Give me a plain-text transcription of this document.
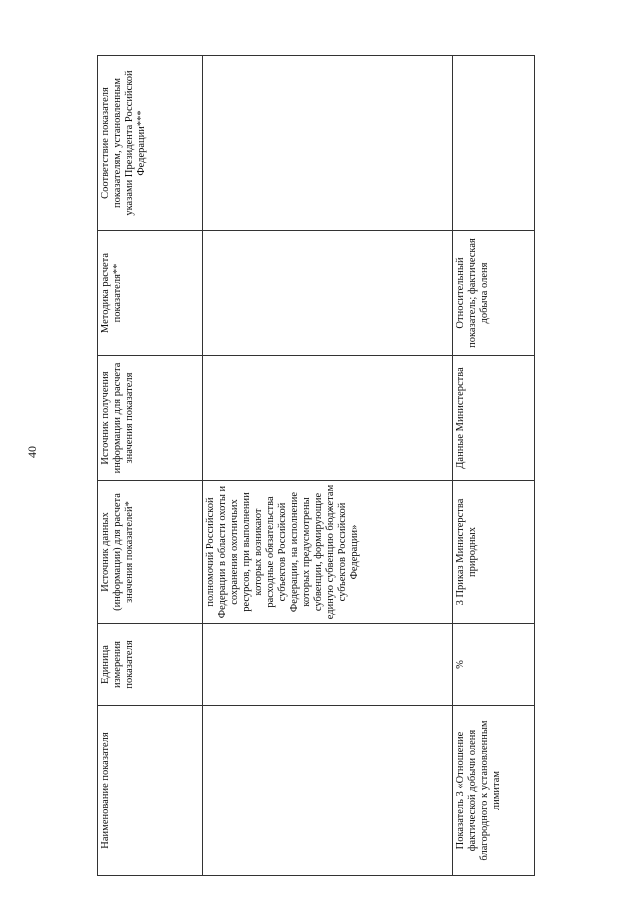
40
Наименование показателя	Единица измерения показателя	Источник данных (информации) для расчета значения показателей*	Источник получения информации для расчета значения показателя	Методика расчета показателя**	Соответствие показателя показателям, установленным указами Президента Российской Федерации***
		полномочий Российской Федерации в области охоты и сохранения охотничьих ресурсов, при выполнении которых возникают расходные обязательства субъектов Российской Федерации, на исполнение которых предусмотрены субвенции, формирующие единую субвенцию бюджетам субъектов Российской Федерации»			
Показатель 3 «Отношение фактической добычи оленя благородного к установленным лимитам	%	3 Приказ Министерства природных	Данные Министерства	Относительный показатель; фактическая добыча оленя	
